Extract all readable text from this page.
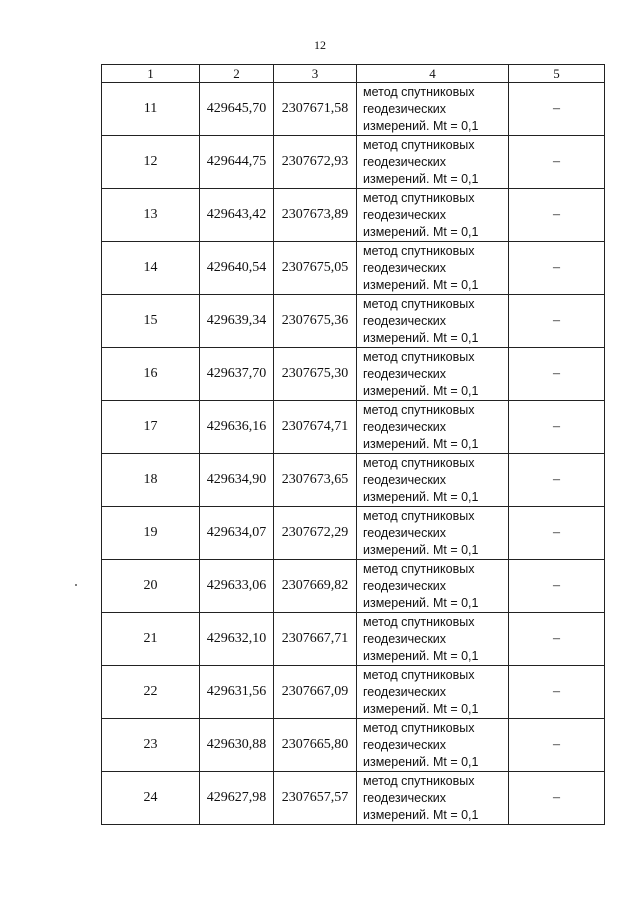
12
1	2	3	4	5
11	429645,70	2307671,58	метод спутниковых
геодезических
измерений. Mt = 0,1	–
12	429644,75	2307672,93	метод спутниковых
геодезических
измерений. Mt = 0,1	–
13	429643,42	2307673,89	метод спутниковых
геодезических
измерений. Mt = 0,1	–
14	429640,54	2307675,05	метод спутниковых
геодезических
измерений. Mt = 0,1	–
15	429639,34	2307675,36	метод спутниковых
геодезических
измерений. Mt = 0,1	–
16	429637,70	2307675,30	метод спутниковых
геодезических
измерений. Mt = 0,1	–
17	429636,16	2307674,71	метод спутниковых
геодезических
измерений. Mt = 0,1	–
18	429634,90	2307673,65	метод спутниковых
геодезических
измерений. Mt = 0,1	–
19	429634,07	2307672,29	метод спутниковых
геодезических
измерений. Mt = 0,1	–
20	429633,06	2307669,82	метод спутниковых
геодезических
измерений. Mt = 0,1	–
21	429632,10	2307667,71	метод спутниковых
геодезических
измерений. Mt = 0,1	–
22	429631,56	2307667,09	метод спутниковых
геодезических
измерений. Mt = 0,1	–
23	429630,88	2307665,80	метод спутниковых
геодезических
измерений. Mt = 0,1	–
24	429627,98	2307657,57	метод спутниковых
геодезических
измерений. Mt = 0,1	–
